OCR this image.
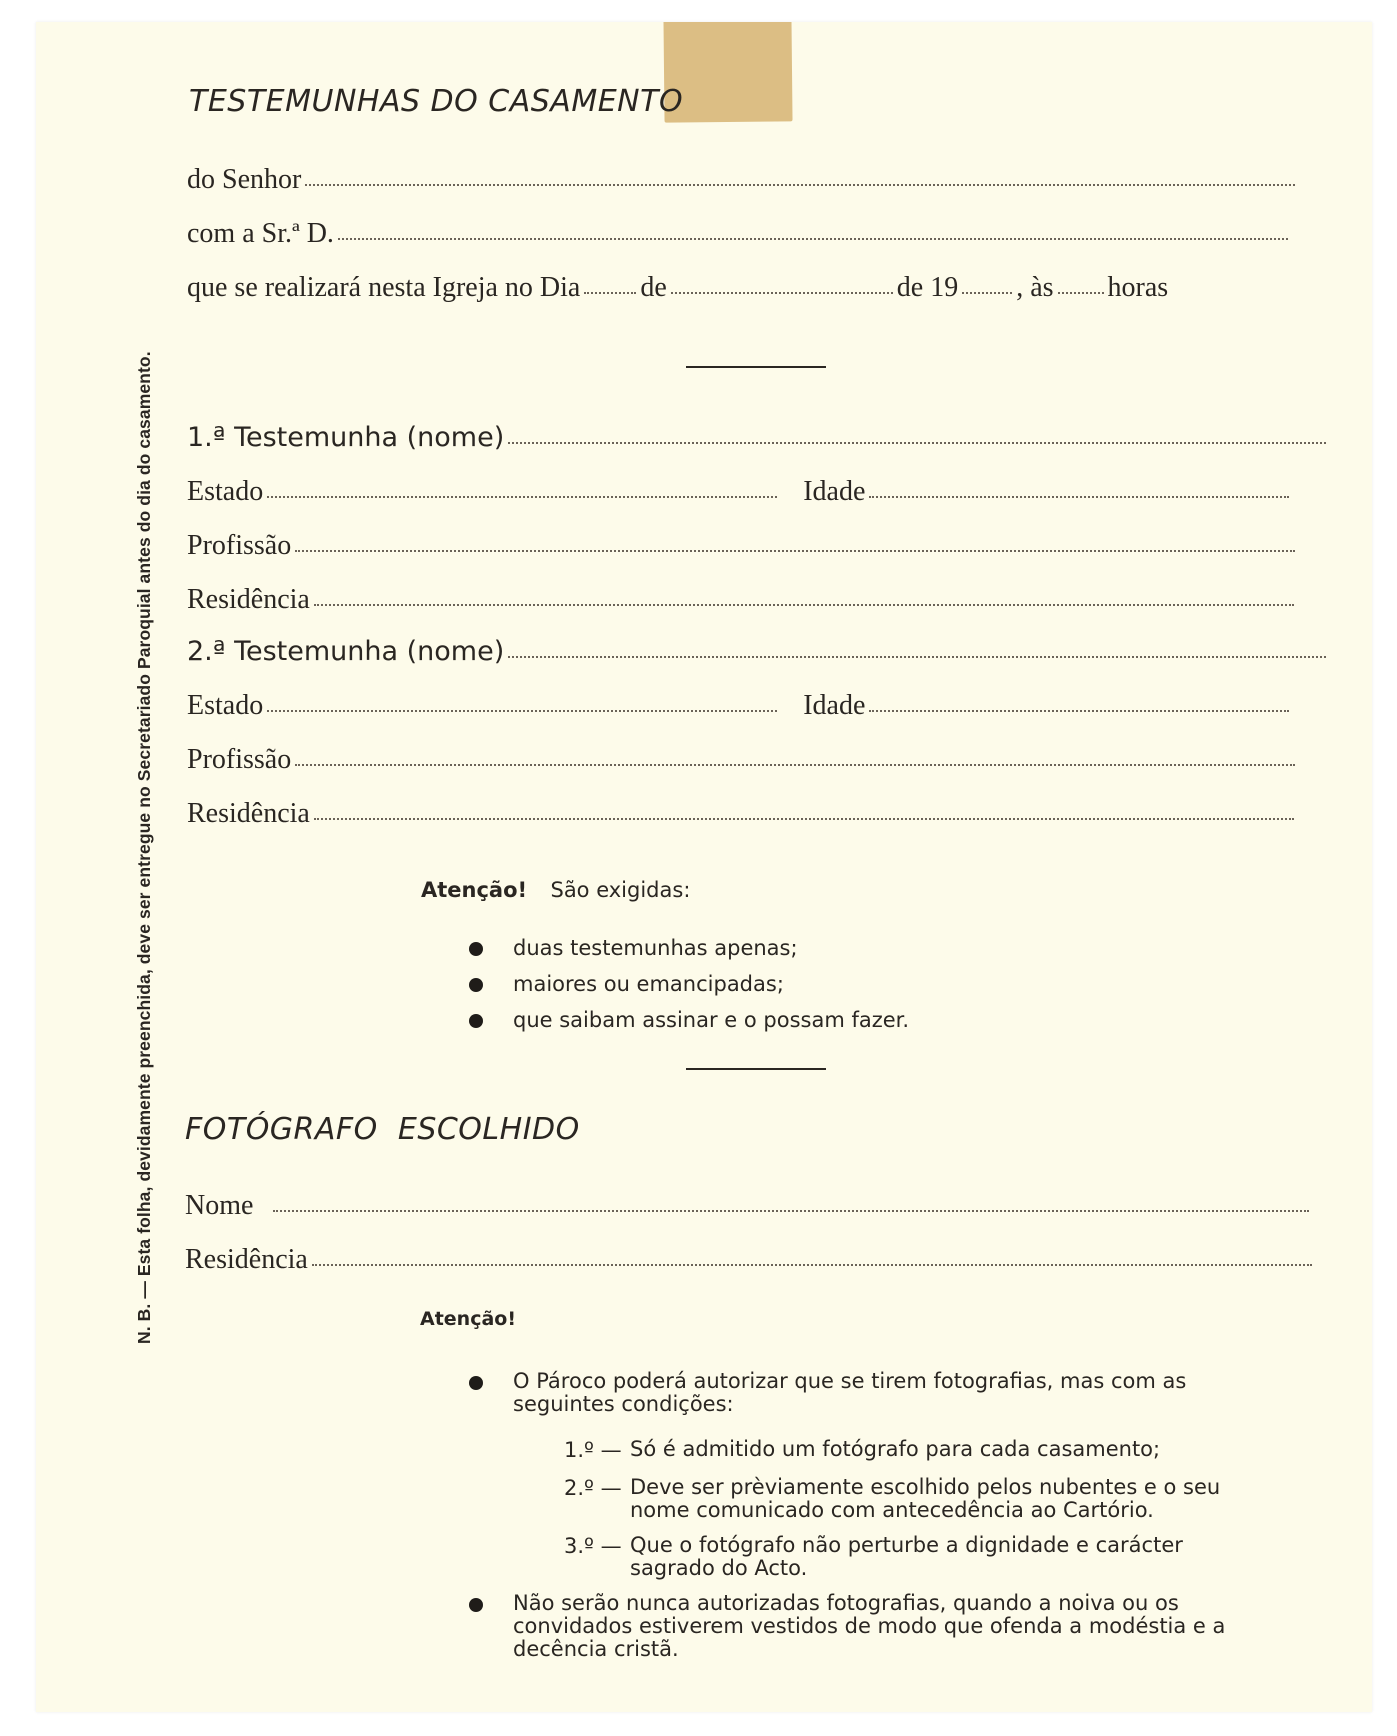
TESTEMUNHAS DO CASAMENTO
do Senhor
com a Sr.ª D.
que se realizará nesta Igreja no Dia de	de 19 , às horas
1.ª Testemunha (nome)
Estado	Idade
Profissão
Residência
2.ª Testemunha (nome)
Estado	Idade
Profissão
Residência
Atenção! São exigidas:
duas testemunhas apenas;
maiores ou emancipadas;
que saibam assinar e o possam fazer.
FOTÓGRAFO  ESCOLHIDO
Nome
Residência
Atenção!
O Pároco poderá autorizar que se tirem fotografias, mas com as seguintes condições:
1.º — Só é admitido um fotógrafo para cada casamento;
2.º — Deve ser prèviamente escolhido pelos nubentes e o seu nome comunicado com antecedência ao Cartório.
3.º — Que o fotógrafo não perturbe a dignidade e carácter sagrado do Acto.
Não serão nunca autorizadas fotografias, quando a noiva ou os convidados estiverem vestidos de modo que ofenda a modéstia e a decência cristã.
N. B. — Esta folha, devidamente preenchida, deve ser entregue no Secretariado Paroquial antes do dia do casamento.
